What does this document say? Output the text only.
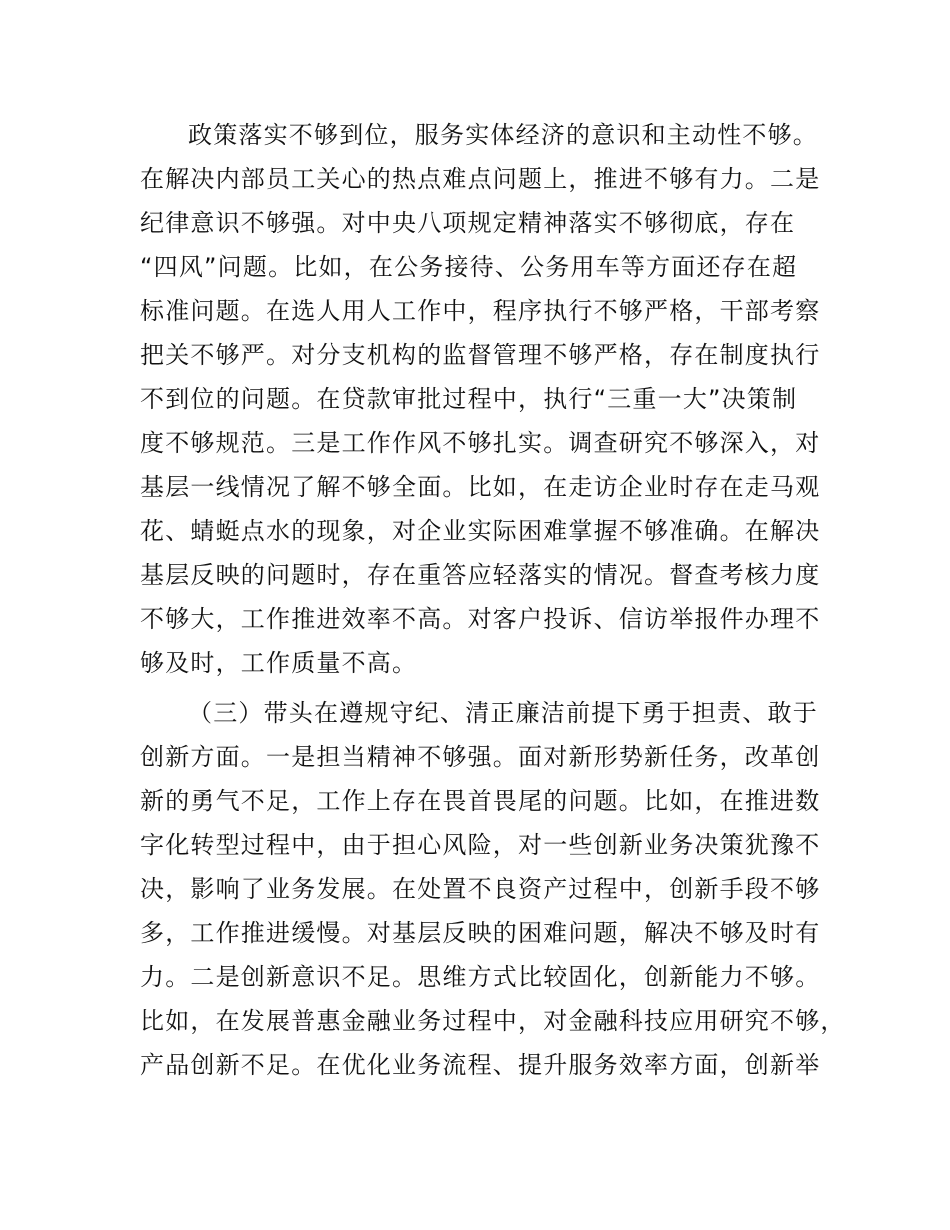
政策落实不够到位，服务实体经济的意识和主动性不够。
在解决内部员工关心的热点难点问题上，推进不够有力。二是
纪律意识不够强。对中央八项规定精神落实不够彻底，存在
“四风”问题。比如，在公务接待、公务用车等方面还存在超
标准问题。在选人用人工作中，程序执行不够严格，干部考察
把关不够严。对分支机构的监督管理不够严格，存在制度执行
不到位的问题。在贷款审批过程中，执行“三重一大”决策制
度不够规范。三是工作作风不够扎实。调查研究不够深入，对
基层一线情况了解不够全面。比如，在走访企业时存在走马观
花、蜻蜓点水的现象，对企业实际困难掌握不够准确。在解决
基层反映的问题时，存在重答应轻落实的情况。督查考核力度
不够大，工作推进效率不高。对客户投诉、信访举报件办理不
够及时，工作质量不高。
（三）带头在遵规守纪、清正廉洁前提下勇于担责、敢于
创新方面。一是担当精神不够强。面对新形势新任务，改革创
新的勇气不足，工作上存在畏首畏尾的问题。比如，在推进数
字化转型过程中，由于担心风险，对一些创新业务决策犹豫不
决，影响了业务发展。在处置不良资产过程中，创新手段不够
多，工作推进缓慢。对基层反映的困难问题，解决不够及时有
力。二是创新意识不足。思维方式比较固化，创新能力不够。
比如，在发展普惠金融业务过程中，对金融科技应用研究不够，
产品创新不足。在优化业务流程、提升服务效率方面，创新举
